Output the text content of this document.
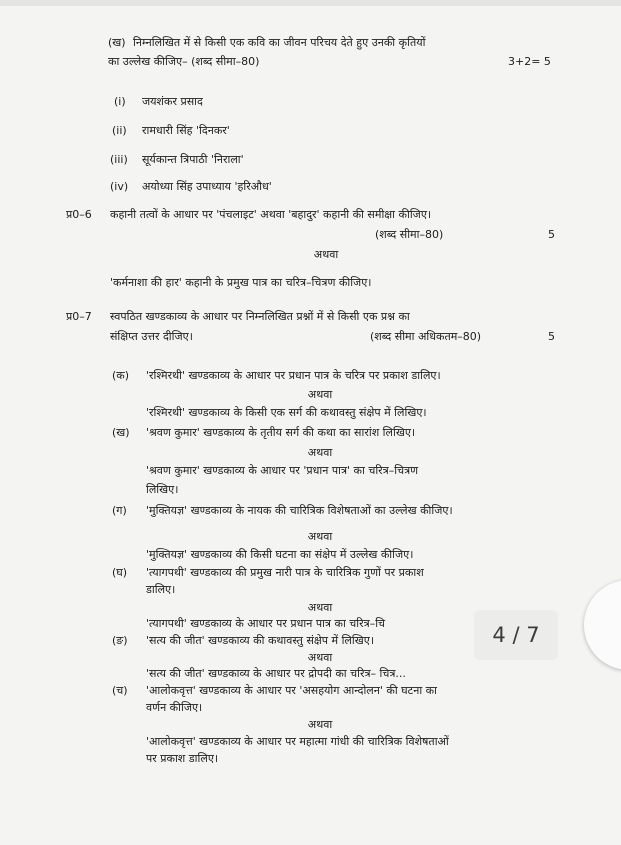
(ख) निम्नलिखित में से किसी एक कवि का जीवन परिचय देते हुए उनकी कृतियों
का उल्लेख कीजिए– (शब्द सीमा–80)	3+2= 5
(i) जयशंकर प्रसाद
(ii) रामधारी सिंह 'दिनकर'
(iii) सूर्यकान्त त्रिपाठी 'निराला'
(iv) अयोध्या सिंह उपाध्याय 'हरिऔध'
प्र0–6 कहानी तत्वों के आधार पर 'पंचलाइट' अथवा 'बहादुर' कहानी की समीक्षा कीजिए।
(शब्द सीमा–80)	5
अथवा
'कर्मनाशा की हार' कहानी के प्रमुख पात्र का चरित्र–चित्रण कीजिए।
प्र0–7 स्वपठित खण्डकाव्य के आधार पर निम्नलिखित प्रश्नों में से किसी एक प्रश्न का
संक्षिप्त उत्तर दीजिए।	(शब्द सीमा अधिकतम–80)	5
(क) 'रश्मिरथी' खण्डकाव्य के आधार पर प्रधान पात्र के चरित्र पर प्रकाश डालिए।
अथवा
'रश्मिरथी' खण्डकाव्य के किसी एक सर्ग की कथावस्तु संक्षेप में लिखिए।
(ख) 'श्रवण कुमार' खण्डकाव्य के तृतीय सर्ग की कथा का सारांश लिखिए।
अथवा
'श्रवण कुमार' खण्डकाव्य के आधार पर 'प्रधान पात्र' का चरित्र–चित्रण
लिखिए।
(ग) 'मुक्तियज्ञ' खण्डकाव्य के नायक की चारित्रिक विशेषताओं का उल्लेख कीजिए।
अथवा
'मुक्तियज्ञ' खण्डकाव्य की किसी घटना का संक्षेप में उल्लेख कीजिए।
(घ) 'त्यागपथी' खण्डकाव्य की प्रमुख नारी पात्र के चारित्रिक गुणों पर प्रकाश
डालिए।
अथवा
'त्यागपथी' खण्डकाव्य के आधार पर प्रधान पात्र का चरित्र–चि
(ङ) 'सत्य की जीत' खण्डकाव्य की कथावस्तु संक्षेप में लिखिए।
अथवा
'सत्य की जीत' खण्डकाव्य के आधार पर द्रोपदी का चरित्र– चित्र...
(च) 'आलोकवृत्त' खण्डकाव्य के आधार पर 'असहयोग आन्दोलन' की घटना का
वर्णन कीजिए।
अथवा
'आलोकवृत्त' खण्डकाव्य के आधार पर महात्मा गांधी की चारित्रिक विशेषताओं
पर प्रकाश डालिए।
4 / 7
